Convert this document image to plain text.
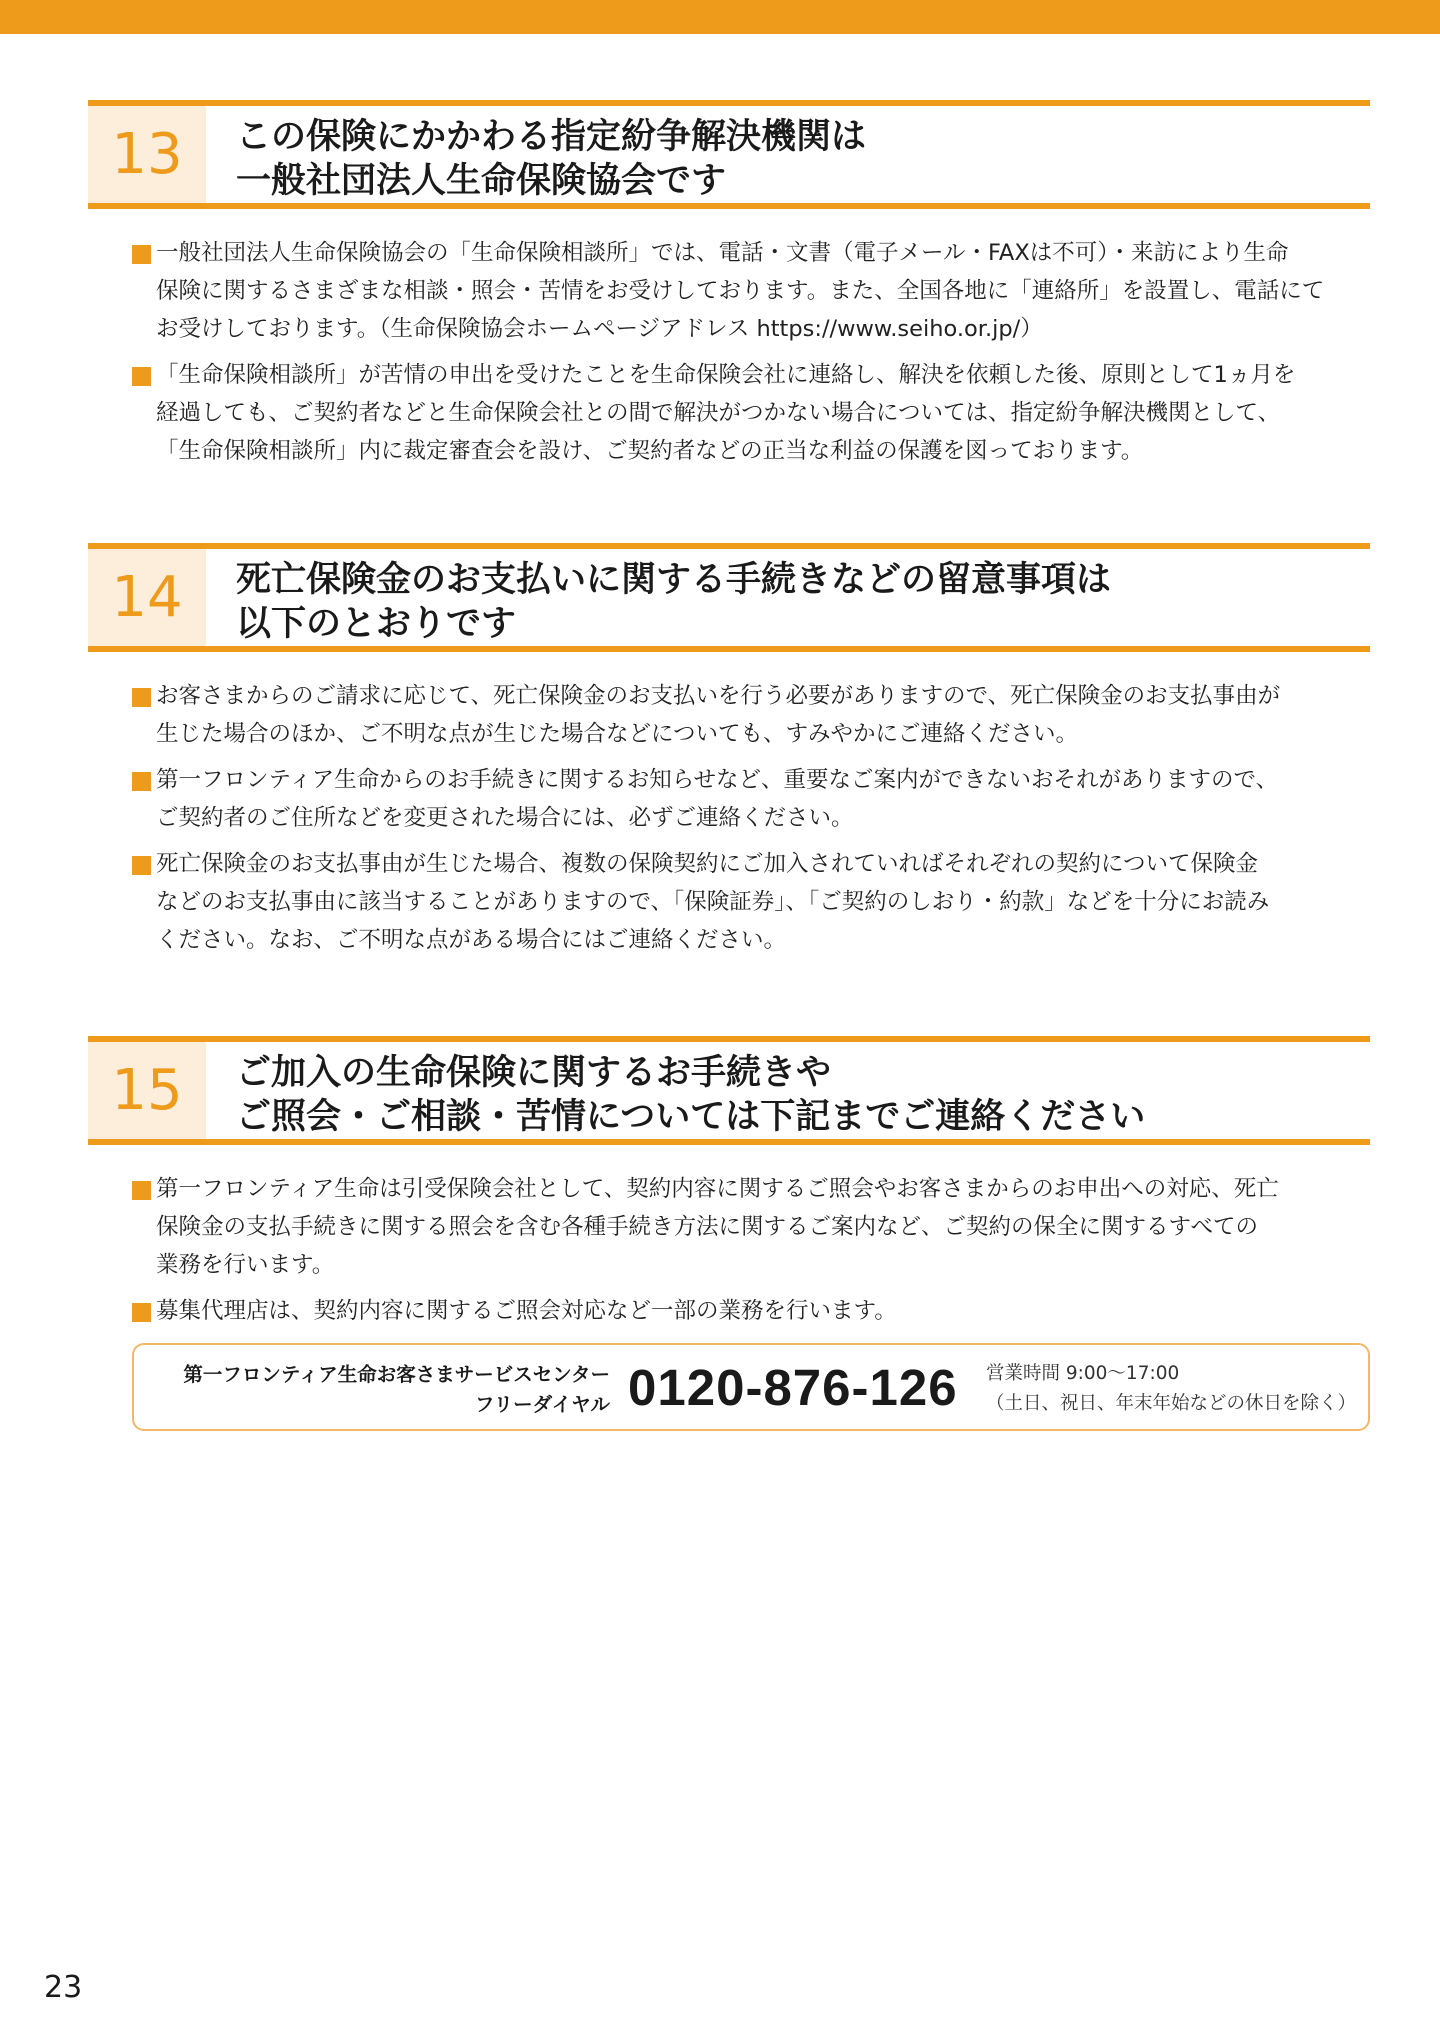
13	この保険にかかわる指定紛争解決機関は
一般社団法人生命保険協会です
一般社団法人生命保険協会の「生命保険相談所」では、電話・文書（電子メール・FAXは不可）・来訪により生命
保険に関するさまざまな相談・照会・苦情をお受けしております。また、全国各地に「連絡所」を設置し、電話にて
お受けしております。（生命保険協会ホームページアドレス https://www.seiho.or.jp/）
「生命保険相談所」が苦情の申出を受けたことを生命保険会社に連絡し、解決を依頼した後、原則として1ヵ月を
経過しても、ご契約者などと生命保険会社との間で解決がつかない場合については、指定紛争解決機関として、
「生命保険相談所」内に裁定審査会を設け、ご契約者などの正当な利益の保護を図っております。
14	死亡保険金のお支払いに関する手続きなどの留意事項は
以下のとおりです
お客さまからのご請求に応じて、死亡保険金のお支払いを行う必要がありますので、死亡保険金のお支払事由が
生じた場合のほか、ご不明な点が生じた場合などについても、すみやかにご連絡ください。
第一フロンティア生命からのお手続きに関するお知らせなど、重要なご案内ができないおそれがありますので、
ご契約者のご住所などを変更された場合には、必ずご連絡ください。
死亡保険金のお支払事由が生じた場合、複数の保険契約にご加入されていればそれぞれの契約について保険金
などのお支払事由に該当することがありますので、「保険証券」、「ご契約のしおり・約款」などを十分にお読み
ください。なお、ご不明な点がある場合にはご連絡ください。
15	ご加入の生命保険に関するお手続きや
ご照会・ご相談・苦情については下記までご連絡ください
第一フロンティア生命は引受保険会社として、契約内容に関するご照会やお客さまからのお申出への対応、死亡
保険金の支払手続きに関する照会を含む各種手続き方法に関するご案内など、ご契約の保全に関するすべての
業務を行います。
募集代理店は、契約内容に関するご照会対応など一部の業務を行います。
第一フロンティア生命お客さまサービスセンター
フリーダイヤル 0120-876-126 営業時間 9:00〜17:00
（土日、祝日、年末年始などの休日を除く）
23
